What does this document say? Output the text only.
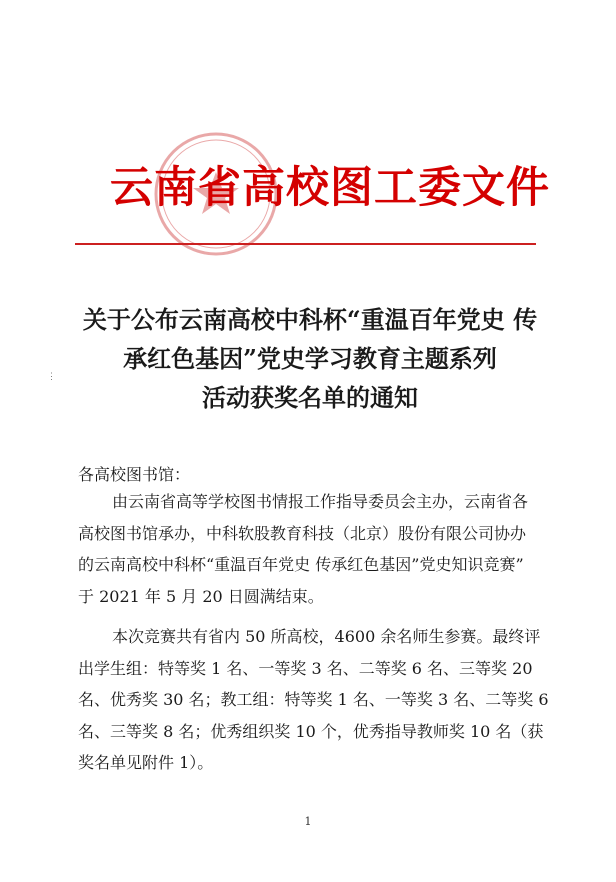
云南省高校图工委文件
关于公布云南高校中科杯“重温百年党史 传
承红色基因”党史学习教育主题系列
活动获奖名单的通知
⋮
各高校图书馆：
由云南省高等学校图书情报工作指导委员会主办，云南省各
高校图书馆承办，中科软股教育科技（北京）股份有限公司协办
的云南高校中科杯“重温百年党史 传承红色基因”党史知识竞赛”
于 2021 年 5 月 20 日圆满结束。
本次竞赛共有省内 50 所高校，4600 余名师生参赛。最终评
出学生组：特等奖 1 名、一等奖 3 名、二等奖 6 名、三等奖 20
名、优秀奖 30 名；教工组：特等奖 1 名、一等奖 3 名、二等奖 6
名、三等奖 8 名；优秀组织奖 10 个，优秀指导教师奖 10 名（获
奖名单见附件 1）。
1
